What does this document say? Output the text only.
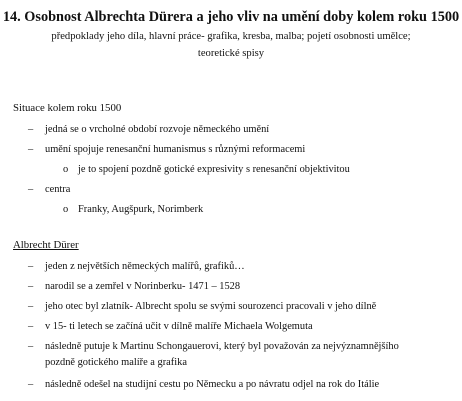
14. Osobnost Albrechta Dürera a jeho vliv na umění doby kolem roku 1500
předpoklady jeho díla, hlavní práce- grafika, kresba, malba; pojetí osobnosti umělce;
teoretické spisy
Situace kolem roku 1500
–
jedná se o vrcholné období rozvoje německého umění
–
umění spojuje renesanční humanismus s různými reformacemi
o
je to spojení pozdně gotické expresivity s renesanční objektivitou
–
centra
o
Franky, Augšpurk, Norimberk
Albrecht Dürer
–
jeden z největších německých malířů, grafiků…
–
narodil se a zemřel v Norinberku- 1471 – 1528
–
jeho otec byl zlatník- Albrecht spolu se svými sourozenci pracovali v jeho dílně
–
v 15- ti letech se začíná učit v dílně malíře Michaela Wolgemuta
–
následně putuje k Martinu Schongauerovi, který byl považován za nejvýznamnějšího
pozdně gotického malíře a grafika
–
následně odešel na studijní cestu po Německu a po návratu odjel na rok do Itálie
